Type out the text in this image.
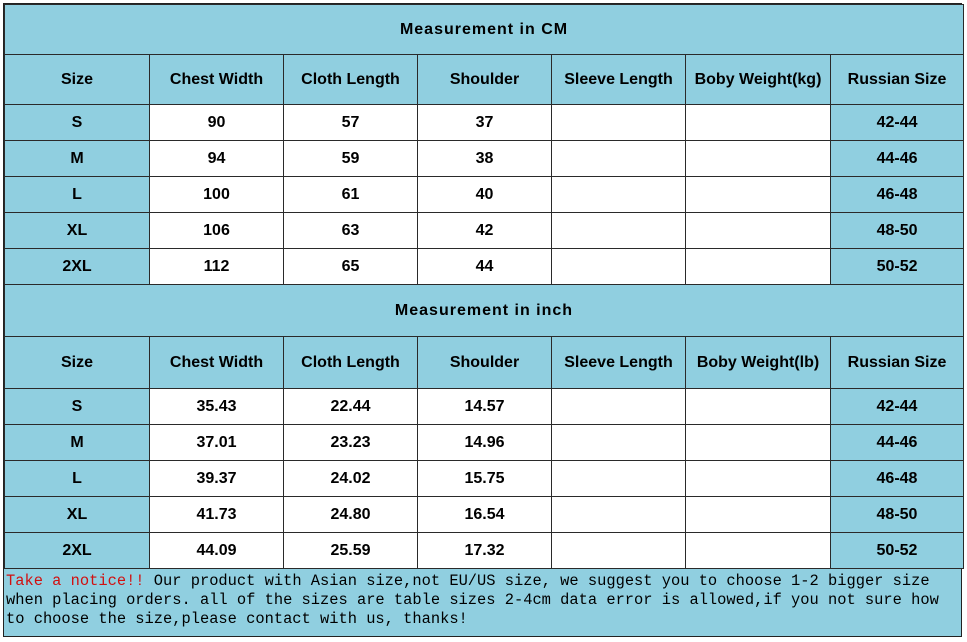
Measurement in CM						
Size	Chest Width	Cloth Length	Shoulder	Sleeve Length	Boby Weight(kg)	Russian Size
S	90	57	37			42-44
M	94	59	38			44-46
L	100	61	40			46-48
XL	106	63	42			48-50
2XL	112	65	44			50-52
Measurement in inch						
Size	Chest Width	Cloth Length	Shoulder	Sleeve Length	Boby Weight(lb)	Russian Size
S	35.43	22.44	14.57			42-44
M	37.01	23.23	14.96			44-46
L	39.37	24.02	15.75			46-48
XL	41.73	24.80	16.54			48-50
2XL	44.09	25.59	17.32			50-52

Take a notice!! Our product with Asian size,not EU/US size, we suggest you to choose 1-2 bigger size when placing orders. all of the sizes are table sizes 2-4cm data error is allowed,if you not sure how to choose the size,please contact with us, thanks!
